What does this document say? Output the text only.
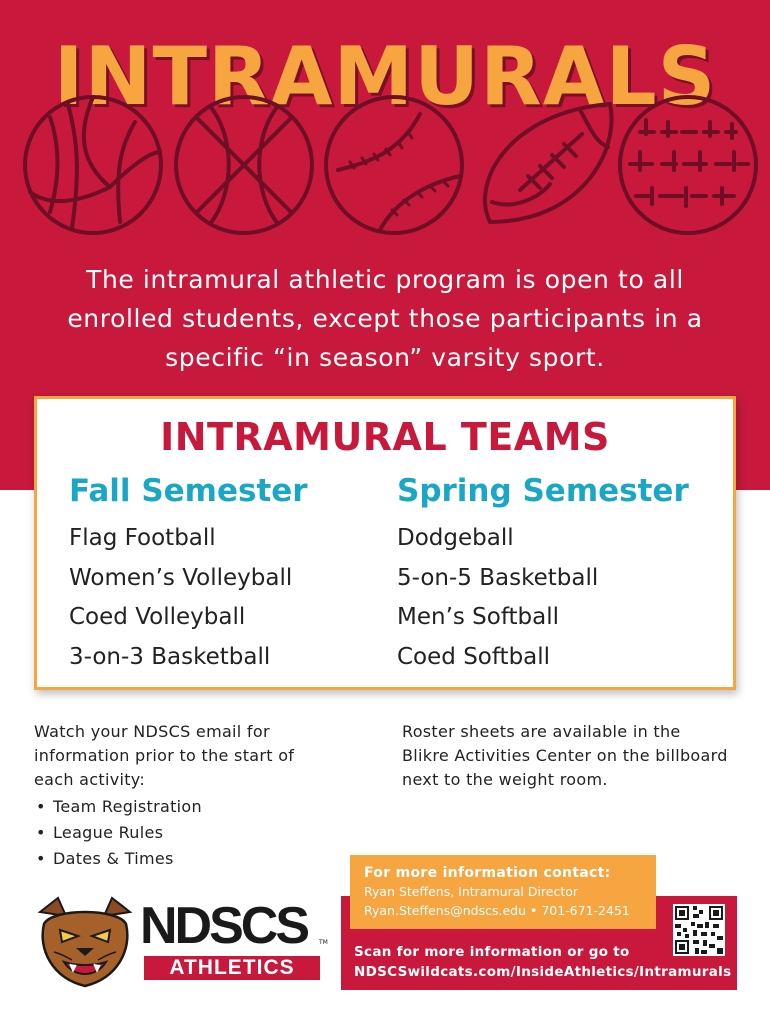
INTRAMURALS

The intramural athletic program is open to all enrolled students, except those participants in a specific “in season” varsity sport.

INTRAMURAL TEAMS
Fall Semester
Flag Football
Women’s Volleyball
Coed Volleyball
3-on-3 Basketball
Spring Semester
Dodgeball
5-on-5 Basketball
Men’s Softball
Coed Softball

Watch your NDSCS email for information prior to the start of each activity:

• Team Registration
• League Rules
• Dates & Times

Roster sheets are available in the Blikre Activities Center on the billboard next to the weight room.

NDSCS TM
ATHLETICS
For more information contact:
Ryan Steffens, Intramural Director
Ryan.Steffens@ndscs.edu • 701-671-2451
Scan for more information or go to
NDSCSwildcats.com/InsideAthletics/Intramurals
